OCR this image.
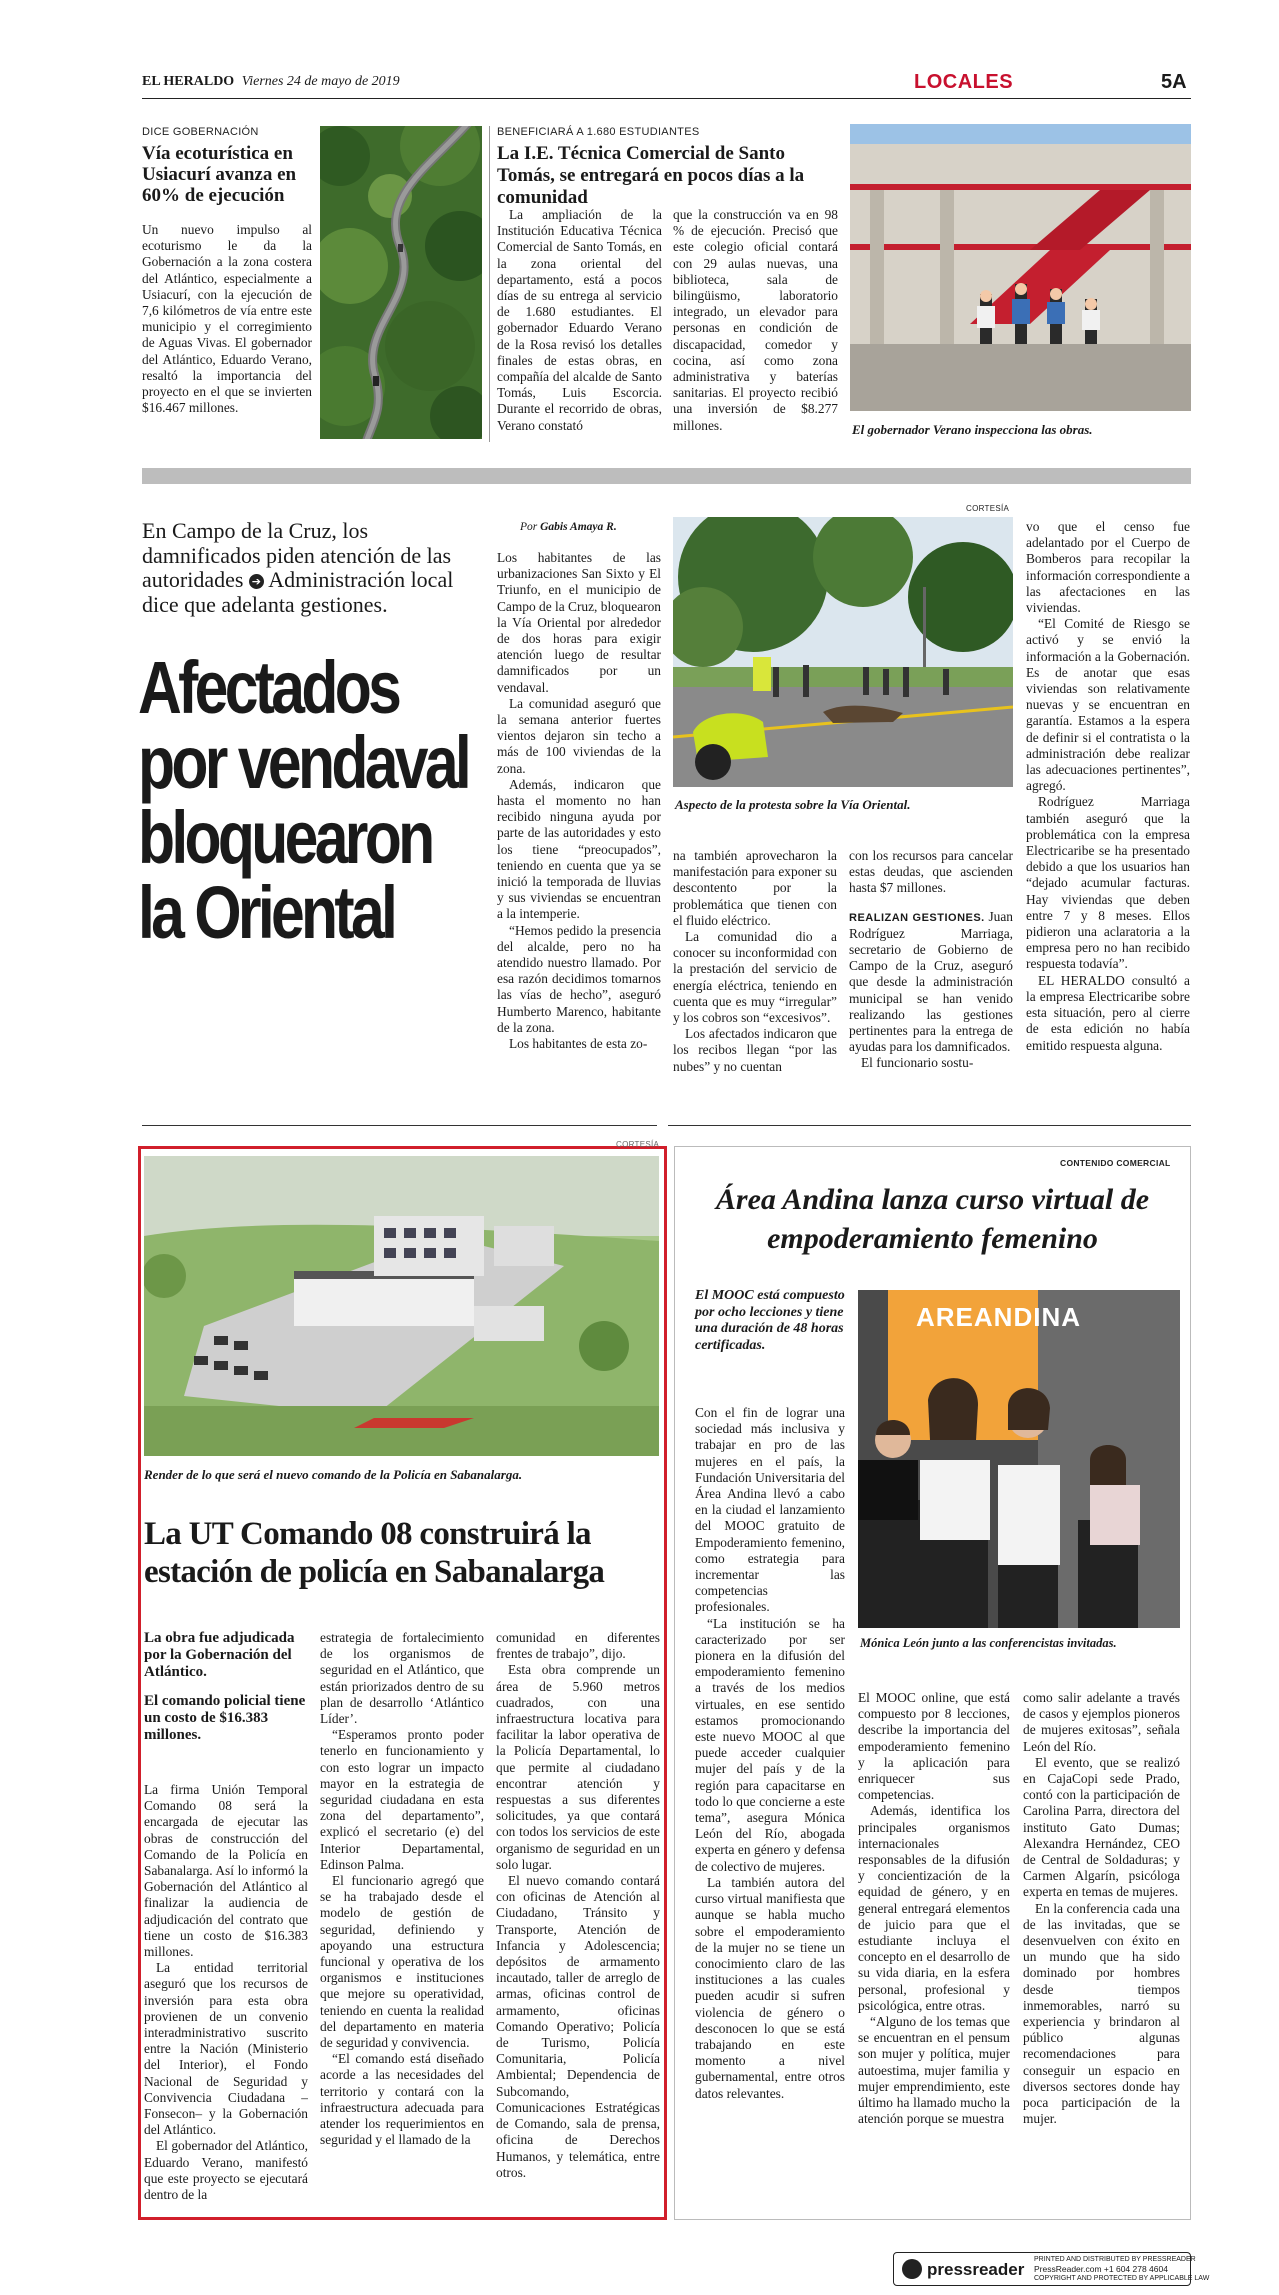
EL HERALDO Viernes 24 de mayo de 2019	LOCALES	5A
DICE GOBERNACIÓN
Vía ecoturística en Usiacurí avanza en 60% de ejecución

Un nuevo impulso al ecoturismo le da la Gobernación a la zona costera del Atlántico, especialmente a Usiacurí, con la ejecución de 7,6 kilómetros de vía entre este municipio y el corregimiento de Aguas Vivas. El gobernador del Atlántico, Eduardo Verano, resaltó la importancia del proyecto en el que se invierten $16.467 millones.

BENEFICIARÁ A 1.680 ESTUDIANTES
La I.E. Técnica Comercial de Santo Tomás, se entregará en pocos días a la comunidad

La ampliación de la Institución Educativa Técnica Comercial de Santo Tomás, en la zona oriental del departamento, está a pocos días de su entrega al servicio de 1.680 estudiantes. El gobernador Eduardo Verano de la Rosa revisó los detalles finales de estas obras, en compañía del alcalde de Santo Tomás, Luis Escorcia. Durante el recorrido de obras, Verano constató

que la construcción va en 98 % de ejecución. Precisó que este colegio oficial contará con 29 aulas nuevas, una biblioteca, sala de bilingüismo, laboratorio integrado, un elevador para personas en condición de discapacidad, comedor y cocina, así como zona administrativa y baterías sanitarias. El proyecto recibió una inversión de $8.277 millones.	El gobernador Verano inspecciona las obras.
En Campo de la Cruz, los damnificados piden atención de las autoridades ➔ Administración local dice que adelanta gestiones.
Afectados
por vendaval
bloquearon
la Oriental
Por Gabis Amaya R.

Los habitantes de las urbanizaciones San Sixto y El Triunfo, en el municipio de Campo de la Cruz, bloquearon la Vía Oriental por alrededor de dos horas para exigir atención luego de resultar damnificados por un vendaval.

La comunidad aseguró que la semana anterior fuertes vientos dejaron sin techo a más de 100 viviendas de la zona.

Además, indicaron que hasta el momento no han recibido ninguna ayuda por parte de las autoridades y esto los tiene “preocupados”, teniendo en cuenta que ya se inició la temporada de lluvias y sus viviendas se encuentran a la intemperie.

“Hemos pedido la presencia del alcalde, pero no ha atendido nuestro llamado. Por esa razón decidimos tomarnos las vías de hecho”, aseguró Humberto Marenco, habitante de la zona.

Los habitantes de esta zo-

CORTESÍA
Aspecto de la protesta sobre la Vía Oriental.

na también aprovecharon la manifestación para exponer su descontento por la problemática que tienen con el fluido eléctrico.

La comunidad dio a conocer su inconformidad con la prestación del servicio de energía eléctrica, teniendo en cuenta que es muy “irregular” y los cobros son “excesivos”.

Los afectados indicaron que los recibos llegan “por las nubes” y no cuentan

con los recursos para cancelar estas deudas, que ascienden hasta $7 millones.

REALIZAN GESTIONES. Juan Rodríguez Marriaga, secretario de Gobierno de Campo de la Cruz, aseguró que desde la administración municipal se han venido realizando las gestiones pertinentes para la entrega de ayudas para los damnificados.

El funcionario sostu-

vo que el censo fue adelantado por el Cuerpo de Bomberos para recopilar la información correspondiente a las afectaciones en las viviendas.

“El Comité de Riesgo se activó y se envió la información a la Gobernación. Es de anotar que esas viviendas son relativamente nuevas y se encuentran en garantía. Estamos a la espera de definir si el contratista o la administración debe realizar las adecuaciones pertinentes”, agregó.

Rodríguez Marriaga también aseguró que la problemática con la empresa Electricaribe se ha presentado debido a que los usuarios han “dejado acumular facturas. Hay viviendas que deben entre 7 y 8 meses. Ellos pidieron una aclaratoria a la empresa pero no han recibido respuesta todavía”.

EL HERALDO consultó a la empresa Electricaribe sobre esta situación, pero al cierre de esta edición no había emitido respuesta alguna.

CORTESÍA
Render de lo que será el nuevo comando de la Policía en Sabanalarga.
La UT Comando 08 construirá la estación de policía en Sabanalarga
La obra fue adjudicada por la Gobernación del Atlántico.
El comando policial tiene un costo de $16.383 millones.

La firma Unión Temporal Comando 08 será la encargada de ejecutar las obras de construcción del Comando de la Policía en Sabanalarga. Así lo informó la Gobernación del Atlántico al finalizar la audiencia de adjudicación del contrato que tiene un costo de $16.383 millones.

La entidad territorial aseguró que los recursos de inversión para esta obra provienen de un convenio interadministrativo suscrito entre la Nación (Ministerio del Interior), el Fondo Nacional de Seguridad y Convivencia Ciudadana –Fonsecon– y la Gobernación del Atlántico.

El gobernador del Atlántico, Eduardo Verano, manifestó que este proyecto se ejecutará dentro de la

estrategia de fortalecimiento de los organismos de seguridad en el Atlántico, que están priorizados dentro de su plan de desarrollo ‘Atlántico Líder’.

“Esperamos pronto poder tenerlo en funcionamiento y con esto lograr un impacto mayor en la estrategia de seguridad ciudadana en esta zona del departamento”, explicó el secretario (e) del Interior Departamental, Edinson Palma.

El funcionario agregó que se ha trabajado desde el modelo de gestión de seguridad, definiendo y apoyando una estructura funcional y operativa de los organismos e instituciones que mejore su operatividad, teniendo en cuenta la realidad del departamento en materia de seguridad y convivencia.

“El comando está diseñado acorde a las necesidades del territorio y contará con la infraestructura adecuada para atender los requerimientos en seguridad y el llamado de la

comunidad en diferentes frentes de trabajo”, dijo.

Esta obra comprende un área de 5.960 metros cuadrados, con una infraestructura locativa para facilitar la labor operativa de la Policía Departamental, lo que permite al ciudadano encontrar atención y respuestas a sus diferentes solicitudes, ya que contará con todos los servicios de este organismo de seguridad en un solo lugar.

El nuevo comando contará con oficinas de Atención al Ciudadano, Tránsito y Transporte, Atención de Infancia y Adolescencia; depósitos de armamento incautado, taller de arreglo de armas, oficinas control de armamento, oficinas Comando Operativo; Policía de Turismo, Policía Comunitaria, Policía Ambiental; Dependencia de Subcomando, Comunicaciones Estratégicas de Comando, sala de prensa, oficina de Derechos Humanos, y telemática, entre otros.

CONTENIDO COMERCIAL
Área Andina lanza curso virtual de empoderamiento femenino
El MOOC está compuesto por ocho lecciones y tiene una duración de 48 horas certificadas.

Con el fin de lograr una sociedad más inclusiva y trabajar en pro de las mujeres en el país, la Fundación Universitaria del Área Andina llevó a cabo en la ciudad el lanzamiento del MOOC gratuito de Empoderamiento femenino, como estrategia para incrementar las competencias profesionales.

“La institución se ha caracterizado por ser pionera en la difusión del empoderamiento femenino a través de los medios virtuales, en ese sentido estamos promocionando este nuevo MOOC al que puede acceder cualquier mujer del país y de la región para capacitarse en todo lo que concierne a este tema”, asegura Mónica León del Río, abogada experta en género y defensa de colectivo de mujeres.

La también autora del curso virtual manifiesta que aunque se habla mucho sobre el empoderamiento de la mujer no se tiene un conocimiento claro de las instituciones a las cuales pueden acudir si sufren violencia de género o desconocen lo que se está trabajando en este momento a nivel gubernamental, entre otros datos relevantes.

AREANDINA
Mónica León junto a las conferencistas invitadas.

El MOOC online, que está compuesto por 8 lecciones, describe la importancia del empoderamiento femenino y la aplicación para enriquecer sus competencias.

Además, identifica los principales organismos internacionales responsables de la difusión y concientización de la equidad de género, y en general entregará elementos de juicio para que el estudiante incluya el concepto en el desarrollo de su vida diaria, en la esfera personal, profesional y psicológica, entre otras.

“Alguno de los temas que se encuentran en el pensum son mujer y política, mujer autoestima, mujer familia y mujer emprendimiento, este último ha llamado mucho la atención porque se muestra

como salir adelante a través de casos y ejemplos pioneros de mujeres exitosas”, señala León del Río.

El evento, que se realizó en CajaCopi sede Prado, contó con la participación de Carolina Parra, directora del instituto Gato Dumas; Alexandra Hernández, CEO de Central de Soldaduras; y Carmen Algarín, psicóloga experta en temas de mujeres.

En la conferencia cada una de las invitadas, que se desenvuelven con éxito en un mundo que ha sido dominado por hombres desde tiempos inmemorables, narró su experiencia y brindaron al público algunas recomendaciones para conseguir un espacio en diversos sectores donde hay poca participación de la mujer.

pressreader
PRINTED AND DISTRIBUTED BY PRESSREADER
PressReader.com +1 604 278 4604
COPYRIGHT AND PROTECTED BY APPLICABLE LAW
